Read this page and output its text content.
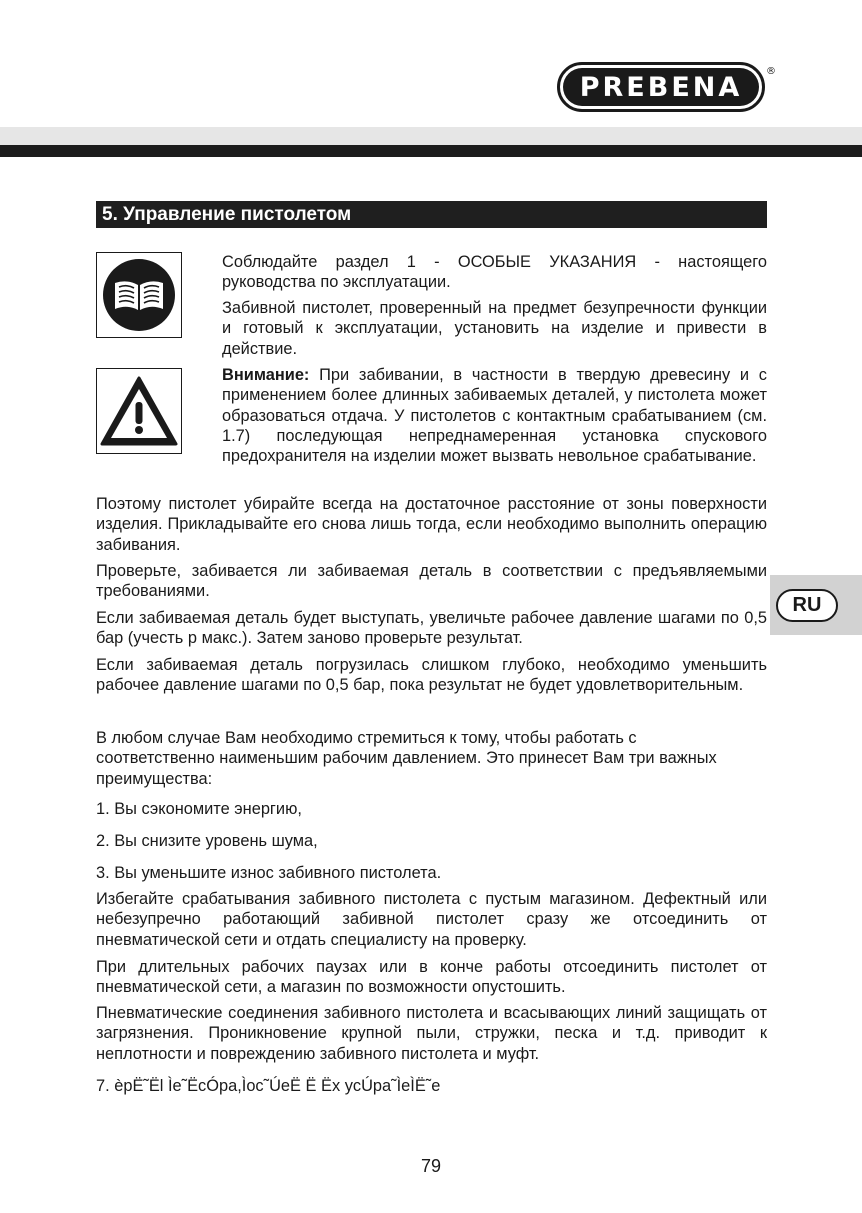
PREBENA	®
5. Управление пистолетом

Соблюдайте раздел 1 - ОСОБЫЕ УКАЗАНИЯ - настоящего руководства по эксплуатации.

Забивной пистолет, проверенный на предмет безупречности функции и готовый к эксплуатации, установить на изделие и привести в действие.

Внимание: При забивании, в частности в твердую древесину и с применением более длинных забиваемых деталей, у пистолета может образоваться отдача. У пистолетов с контактным срабатыванием (см. 1.7) последующая непреднамеренная установка спускового предохранителя на изделии может вызвать невольное срабатывание.

Поэтому пистолет убирайте всегда на достаточное расстояние от зоны поверхности изделия. Прикладывайте его снова лишь тогда, если необходимо выполнить операцию забивания.

Проверьте, забивается ли забиваемая деталь в соответствии с предъявляемыми требованиями.

Если забиваемая деталь будет выступать, увеличьте рабочее давление шагами по 0,5 бар (учесть р макс.). Затем заново проверьте результат.

Если забиваемая деталь погрузилась слишком глубоко, необходимо уменьшить рабочее давление шагами по 0,5 бар, пока результат не будет удовлетворительным.

В любом случае Вам необходимо стремиться к тому, чтобы работать с соответственно наименьшим рабочим давлением. Это принесет Вам три важных преимущества:

1. Вы сэкономите энергию,

2. Вы снизите уровень шума,

3. Вы уменьшите износ забивного пистолета.

Избегайте срабатывания забивного пистолета с пустым магазином. Дефектный или небезупречно работающий забивной пистолет сразу же отсоединить от пневматической сети и отдать специалисту на проверку.

При длительных рабочих паузах или в конче работы отсоединить пистолет от пневматической сети, а магазин по возможности опустошить.

Пневматические соединения забивного пистолета и всасывающих линий защищать от загрязнения. Проникновение крупной пыли, стружки, песка и т.д. приводит к неплотности и повреждению забивного пистолета и муфт.

7. èpË˜Ël Ìe˜ËcÓpa,Ìoc˜ÚeË Ë Ëx ycÚpa˜ÌeÌË˜e

RU
79
